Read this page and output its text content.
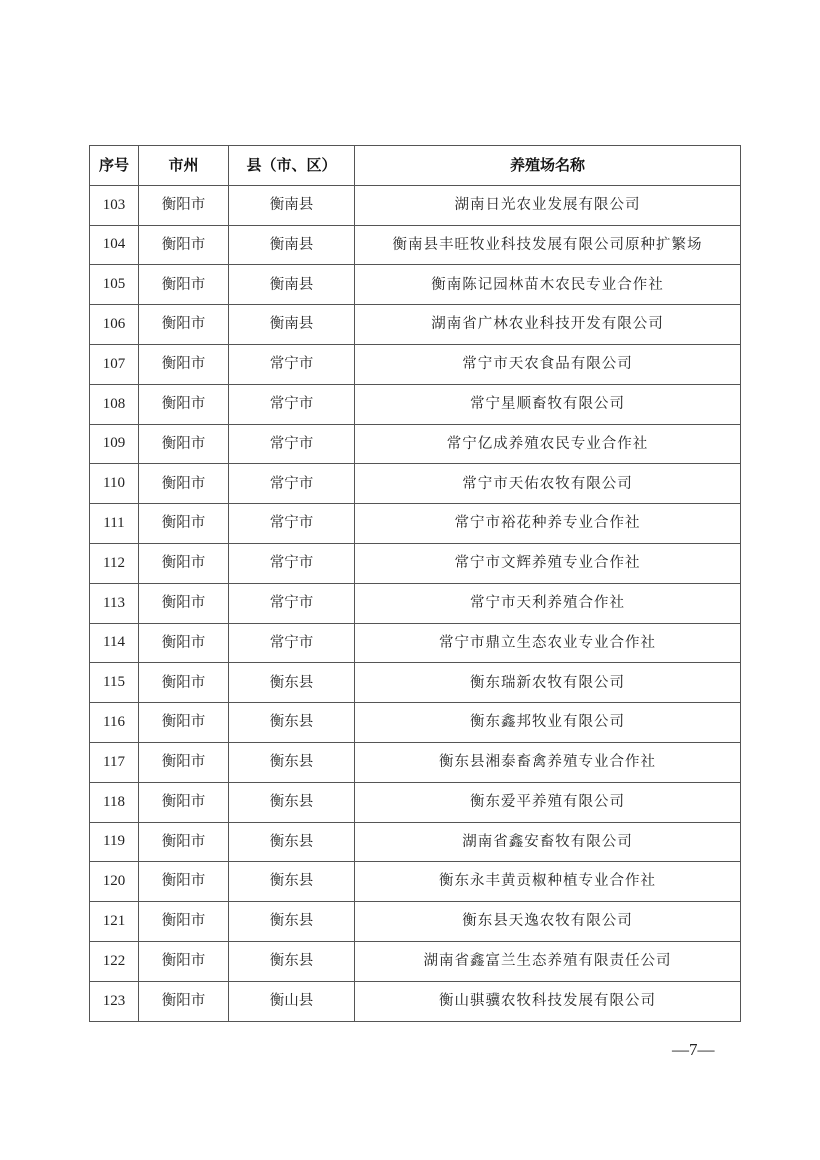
序号	市州	县（市、区）	养殖场名称
103	衡阳市	衡南县	湖南日光农业发展有限公司
104	衡阳市	衡南县	衡南县丰旺牧业科技发展有限公司原种扩繁场
105	衡阳市	衡南县	衡南陈记园林苗木农民专业合作社
106	衡阳市	衡南县	湖南省广林农业科技开发有限公司
107	衡阳市	常宁市	常宁市天农食品有限公司
108	衡阳市	常宁市	常宁星顺畜牧有限公司
109	衡阳市	常宁市	常宁亿成养殖农民专业合作社
110	衡阳市	常宁市	常宁市天佑农牧有限公司
111	衡阳市	常宁市	常宁市裕花种养专业合作社
112	衡阳市	常宁市	常宁市文辉养殖专业合作社
113	衡阳市	常宁市	常宁市天利养殖合作社
114	衡阳市	常宁市	常宁市鼎立生态农业专业合作社
115	衡阳市	衡东县	衡东瑞新农牧有限公司
116	衡阳市	衡东县	衡东鑫邦牧业有限公司
117	衡阳市	衡东县	衡东县湘泰畜禽养殖专业合作社
118	衡阳市	衡东县	衡东爱平养殖有限公司
119	衡阳市	衡东县	湖南省鑫安畜牧有限公司
120	衡阳市	衡东县	衡东永丰黄贡椒种植专业合作社
121	衡阳市	衡东县	衡东县天逸农牧有限公司
122	衡阳市	衡东县	湖南省鑫富兰生态养殖有限责任公司
123	衡阳市	衡山县	衡山骐骥农牧科技发展有限公司
—7—
